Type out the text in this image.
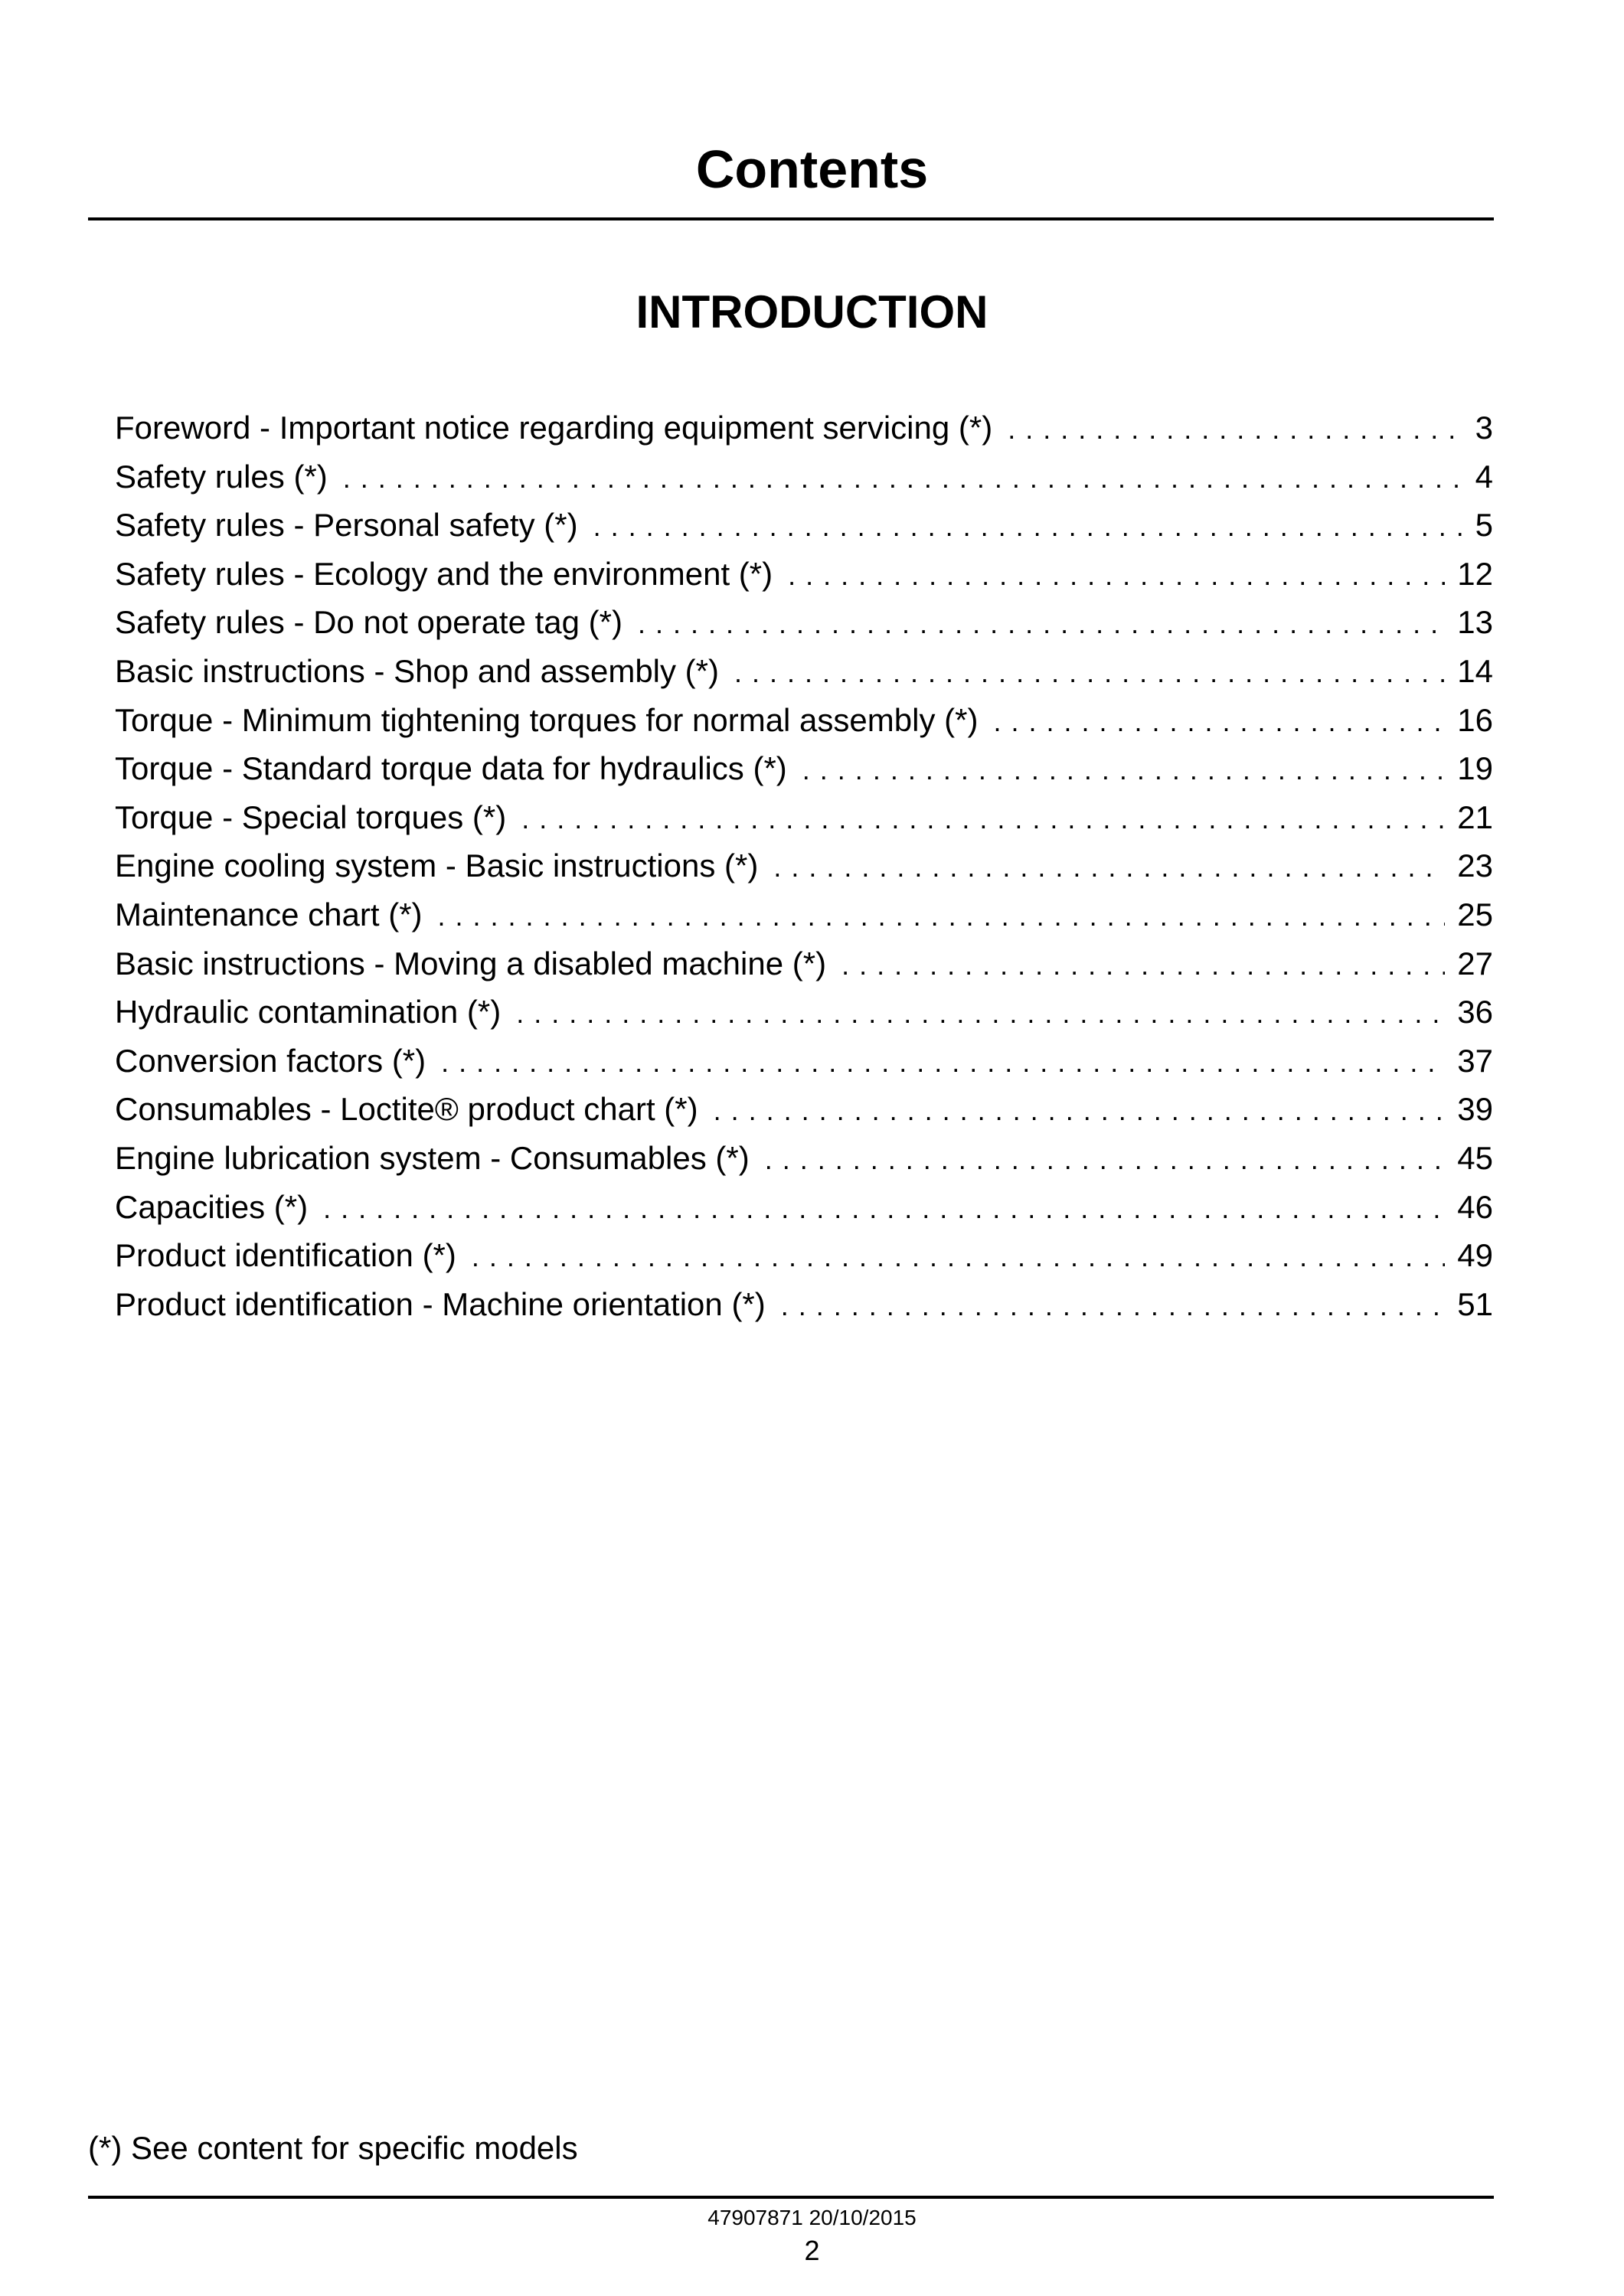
Contents
INTRODUCTION
Foreword - Important notice regarding equipment servicing (*) . . .	3
Safety rules (*) . . .	4
Safety rules - Personal safety (*) . . .	5
Safety rules - Ecology and the environment (*) . . .	12
Safety rules - Do not operate tag (*) . . .	13
Basic instructions - Shop and assembly (*) . . .	14
Torque - Minimum tightening torques for normal assembly (*) . . .	16
Torque - Standard torque data for hydraulics (*) . . .	19
Torque - Special torques (*) . . .	21
Engine cooling system - Basic instructions (*) . . .	23
Maintenance chart (*) . . .	25
Basic instructions - Moving a disabled machine (*) . . .	27
Hydraulic contamination (*) . . .	36
Conversion factors (*) . . .	37
Consumables - Loctite® product chart (*) . . .	39
Engine lubrication system - Consumables (*) . . .	45
Capacities (*) . . .	46
Product identification (*) . . .	49
Product identification - Machine orientation (*) . . .	51

(*) See content for specific models

47907871 20/10/2015

2
